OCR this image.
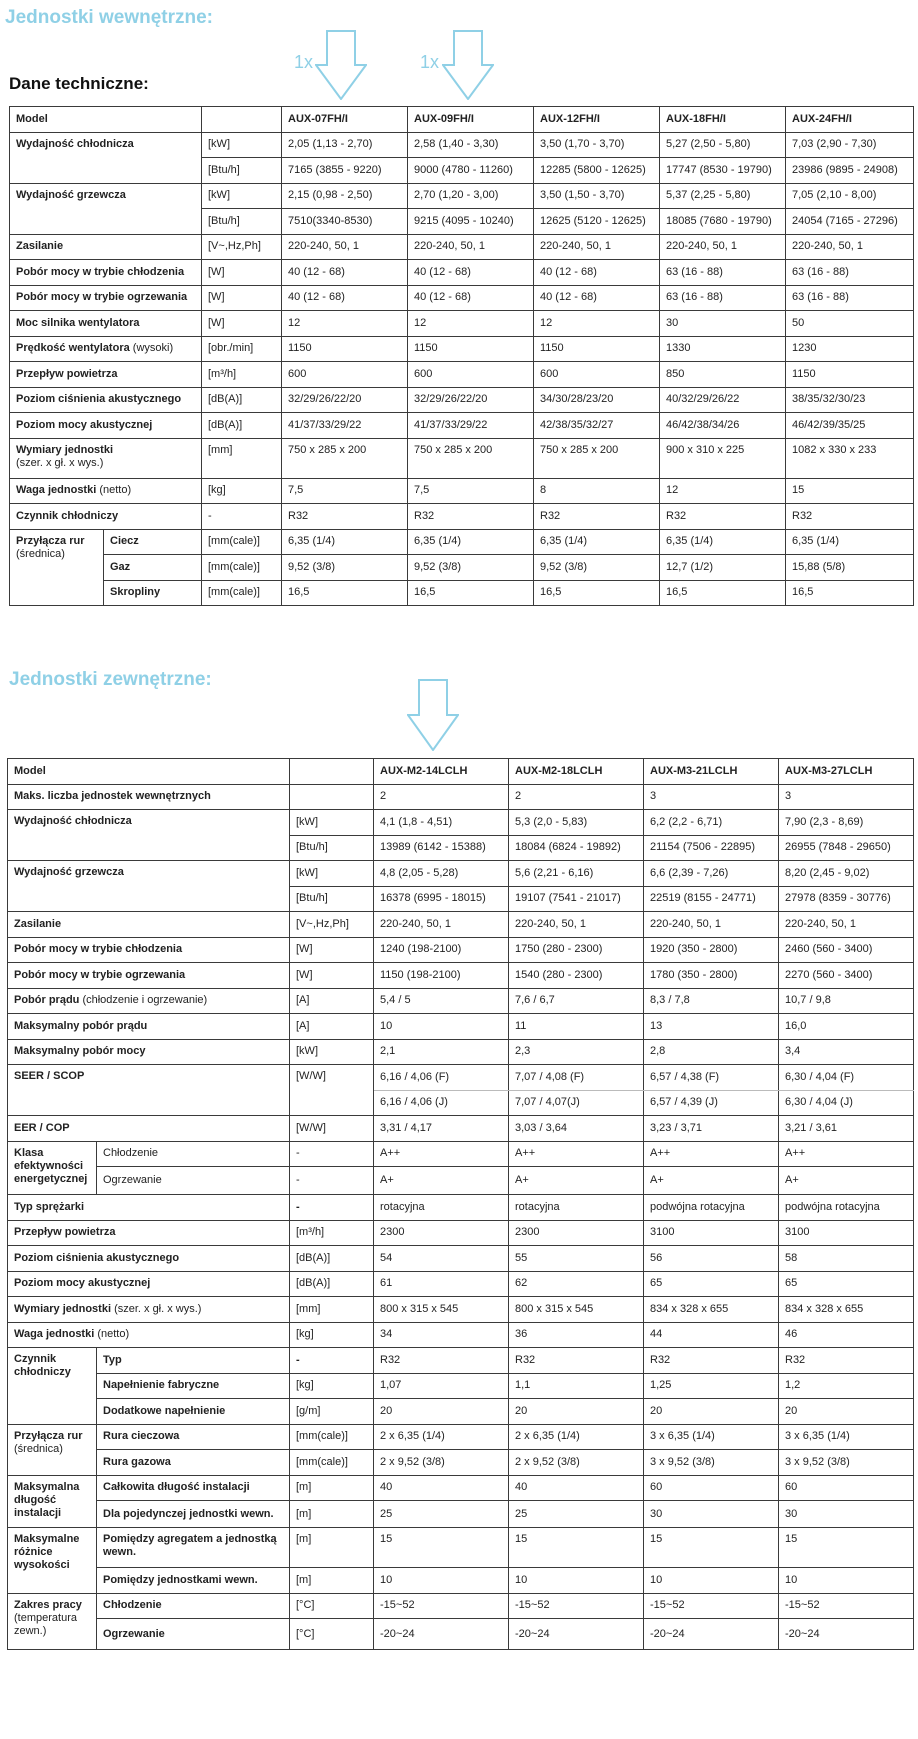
Jednostki wewnętrzne:
1x	1x
Dane techniczne:
Model			AUX-07FH/I	AUX-09FH/I	AUX-12FH/I	AUX-18FH/I	AUX-24FH/I
Wydajność chłodnicza		[kW]	2,05 (1,13 - 2,70)	2,58 (1,40 - 3,30)	3,50 (1,70 - 3,70)	5,27 (2,50 - 5,80)	7,03 (2,90 - 7,30)
		[Btu/h]	7165 (3855 - 9220)	9000 (4780 - 11260)	12285 (5800 - 12625)	17747 (8530 - 19790)	23986 (9895 - 24908)
Wydajność grzewcza		[kW]	2,15 (0,98 - 2,50)	2,70 (1,20 - 3,00)	3,50 (1,50 - 3,70)	5,37 (2,25 - 5,80)	7,05 (2,10 - 8,00)
		[Btu/h]	7510(3340-8530)	9215 (4095 - 10240)	12625 (5120 - 12625)	18085 (7680 - 19790)	24054 (7165 - 27296)
Zasilanie		[V~,Hz,Ph]	220-240, 50, 1	220-240, 50, 1	220-240, 50, 1	220-240, 50, 1	220-240, 50, 1
Pobór mocy w trybie chłodzenia		[W]	40 (12 - 68)	40 (12 - 68)	40 (12 - 68)	63 (16 - 88)	63 (16 - 88)
Pobór mocy w trybie ogrzewania		[W]	40 (12 - 68)	40 (12 - 68)	40 (12 - 68)	63 (16 - 88)	63 (16 - 88)
Moc silnika wentylatora		[W]	12	12	12	30	50
Prędkość wentylatora (wysoki)		[obr./min]	1150	1150	1150	1330	1230
Przepływ powietrza		[m³/h]	600	600	600	850	1150
Poziom ciśnienia akustycznego		[dB(A)]	32/29/26/22/20	32/29/26/22/20	34/30/28/23/20	40/32/29/26/22	38/35/32/30/23
Poziom mocy akustycznej		[dB(A)]	41/37/33/29/22	41/37/33/29/22	42/38/35/32/27	46/42/38/34/26	46/42/39/35/25
Wymiary jednostki
(szer. x gł. x wys.)		[mm]	750 x 285 x 200	750 x 285 x 200	750 x 285 x 200	900 x 310 x 225	1082 x 330 x 233
Waga jednostki (netto)		[kg]	7,5	7,5	8	12	15
Czynnik chłodniczy		-	R32	R32	R32	R32	R32
Przyłącza rur
(średnica)	Ciecz	[mm(cale)]	6,35 (1/4)	6,35 (1/4)	6,35 (1/4)	6,35 (1/4)	6,35 (1/4)
	Gaz	[mm(cale)]	9,52 (3/8)	9,52 (3/8)	9,52 (3/8)	12,7 (1/2)	15,88 (5/8)
	Skropliny	[mm(cale)]	16,5	16,5	16,5	16,5	16,5
Jednostki zewnętrzne:
Model			AUX-M2-14LCLH	AUX-M2-18LCLH	AUX-M3-21LCLH	AUX-M3-27LCLH
Maks. liczba jednostek wewnętrznych			2	2	3	3
Wydajność chłodnicza		[kW]	4,1 (1,8 - 4,51)	5,3 (2,0 - 5,83)	6,2 (2,2 - 6,71)	7,90 (2,3 - 8,69)
		[Btu/h]	13989 (6142 - 15388)	18084 (6824 - 19892)	21154 (7506 - 22895)	26955 (7848 - 29650)
Wydajność grzewcza		[kW]	4,8 (2,05 - 5,28)	5,6 (2,21 - 6,16)	6,6 (2,39 - 7,26)	8,20 (2,45 - 9,02)
		[Btu/h]	16378 (6995 - 18015)	19107 (7541 - 21017)	22519 (8155 - 24771)	27978 (8359 - 30776)
Zasilanie		[V~,Hz,Ph]	220-240, 50, 1	220-240, 50, 1	220-240, 50, 1	220-240, 50, 1
Pobór mocy w trybie chłodzenia		[W]	1240 (198-2100)	1750 (280 - 2300)	1920 (350 - 2800)	2460 (560 - 3400)
Pobór mocy w trybie ogrzewania		[W]	1150 (198-2100)	1540 (280 - 2300)	1780 (350 - 2800)	2270 (560 - 3400)
Pobór prądu (chłodzenie i ogrzewanie)		[A]	5,4 / 5	7,6 / 6,7	8,3 / 7,8	10,7 / 9,8
Maksymalny pobór prądu		[A]	10	11	13	16,0
Maksymalny pobór mocy		[kW]	2,1	2,3	2,8	3,4
SEER / SCOP		[W/W]	6,16 / 4,06 (F)	7,07 / 4,08 (F)	6,57 / 4,38 (F)	6,30 / 4,04 (F)
			6,16 / 4,06 (J)	7,07 / 4,07(J)	6,57 / 4,39 (J)	6,30 / 4,04 (J)
EER / COP		[W/W]	3,31 / 4,17	3,03 / 3,64	3,23 / 3,71	3,21 / 3,61
Klasa efektywności energetycznej	Chłodzenie	-	A++	A++	A++	A++
	Ogrzewanie	-	A+	A+	A+	A+
Typ sprężarki		-	rotacyjna	rotacyjna	podwójna rotacyjna	podwójna rotacyjna
Przepływ powietrza		[m³/h]	2300	2300	3100	3100
Poziom ciśnienia akustycznego		[dB(A)]	54	55	56	58
Poziom mocy akustycznej		[dB(A)]	61	62	65	65
Wymiary jednostki (szer. x gł. x wys.)		[mm]	800 x 315 x 545	800 x 315 x 545	834 x 328 x 655	834 x 328 x 655
Waga jednostki (netto)		[kg]	34	36	44	46
Czynnik chłodniczy	Typ	-	R32	R32	R32	R32
	Napełnienie fabryczne	[kg]	1,07	1,1	1,25	1,2
	Dodatkowe napełnienie	[g/m]	20	20	20	20
Przyłącza rur
(średnica)	Rura cieczowa	[mm(cale)]	2 x 6,35 (1/4)	2 x 6,35 (1/4)	3 x 6,35 (1/4)	3 x 6,35 (1/4)
	Rura gazowa	[mm(cale)]	2 x 9,52 (3/8)	2 x 9,52 (3/8)	3 x 9,52 (3/8)	3 x 9,52 (3/8)
Maksymalna długość instalacji	Całkowita długość instalacji	[m]	40	40	60	60
	Dla pojedynczej jednostki wewn.	[m]	25	25	30	30
Maksymalne różnice wysokości	Pomiędzy agregatem a jednostką wewn.	[m]	15	15	15	15
	Pomiędzy jednostkami wewn.	[m]	10	10	10	10
Zakres pracy
(temperatura zewn.)	Chłodzenie	[°C]	-15~52	-15~52	-15~52	-15~52
	Ogrzewanie	[°C]	-20~24	-20~24	-20~24	-20~24
